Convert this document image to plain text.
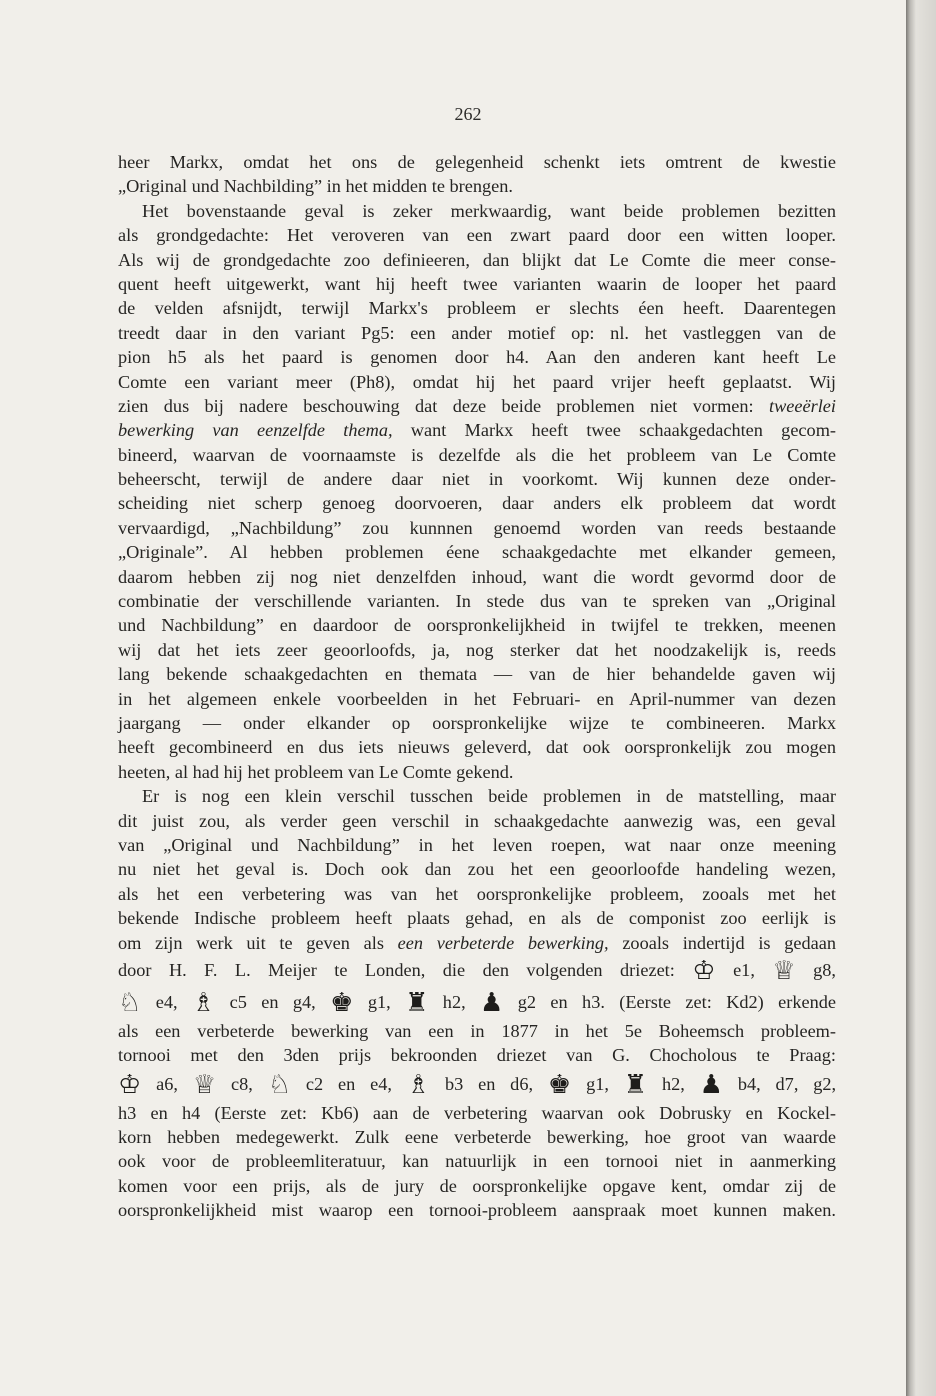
262
heer Markx, omdat het ons de gelegenheid schenkt iets omtrent de kwestie
„Original und Nachbilding” in het midden te brengen.
Het bovenstaande geval is zeker merkwaardig, want beide problemen bezitten
als grondgedachte: Het veroveren van een zwart paard door een witten looper.
Als wij de grondgedachte zoo definieeren, dan blijkt dat Le Comte die meer conse-
quent heeft uitgewerkt, want hij heeft twee varianten waarin de looper het paard
de velden afsnijdt, terwijl Markx's probleem er slechts éen heeft. Daarentegen
treedt daar in den variant Pg5: een ander motief op: nl. het vastleggen van de
pion h5 als het paard is genomen door h4. Aan den anderen kant heeft Le
Comte een variant meer (Ph8), omdat hij het paard vrijer heeft geplaatst. Wij
zien dus bij nadere beschouwing dat deze beide problemen niet vormen: tweeërlei
bewerking van eenzelfde thema, want Markx heeft twee schaakgedachten gecom-
bineerd, waarvan de voornaamste is dezelfde als die het probleem van Le Comte
beheerscht, terwijl de andere daar niet in voorkomt. Wij kunnen deze onder-
scheiding niet scherp genoeg doorvoeren, daar anders elk probleem dat wordt
vervaardigd, „Nachbildung” zou kunnnen genoemd worden van reeds bestaande
„Originale”. Al hebben problemen éene schaakgedachte met elkander gemeen,
daarom hebben zij nog niet denzelfden inhoud, want die wordt gevormd door de
combinatie der verschillende varianten. In stede dus van te spreken van „Original
und Nachbildung” en daardoor de oorspronkelijkheid in twijfel te trekken, meenen
wij dat het iets zeer geoorloofds, ja, nog sterker dat het noodzakelijk is, reeds
lang bekende schaakgedachten en themata — van de hier behandelde gaven wij
in het algemeen enkele voorbeelden in het Februari- en April-nummer van dezen
jaargang — onder elkander op oorspronkelijke wijze te combineeren. Markx
heeft gecombineerd en dus iets nieuws geleverd, dat ook oorspronkelijk zou mogen
heeten, al had hij het probleem van Le Comte gekend.
Er is nog een klein verschil tusschen beide problemen in de matstelling, maar
dit juist zou, als verder geen verschil in schaakgedachte aanwezig was, een geval
van „Original und Nachbildung” in het leven roepen, wat naar onze meening
nu niet het geval is. Doch ook dan zou het een geoorloofde handeling wezen,
als het een verbetering was van het oorspronkelijke probleem, zooals met het
bekende Indische probleem heeft plaats gehad, en als de componist zoo eerlijk is
om zijn werk uit te geven als een verbeterde bewerking, zooals indertijd is gedaan
door H. F. L. Meijer te Londen, die den volgenden driezet: ♔ e1, ♕ g8,
♘ e4, ♗ c5 en g4, ♚ g1, ♜ h2, ♟ g2 en h3. (Eerste zet: Kd2) erkende
als een verbeterde bewerking van een in 1877 in het 5e Boheemsch probleem-
tornooi met den 3den prijs bekroonden driezet van G. Chocholous te Praag:
♔ a6, ♕ c8, ♘ c2 en e4, ♗ b3 en d6, ♚ g1, ♜ h2, ♟ b4, d7, g2,
h3 en h4 (Eerste zet: Kb6) aan de verbetering waarvan ook Dobrusky en Kockel-
korn hebben medegewerkt. Zulk eene verbeterde bewerking, hoe groot van waarde
ook voor de probleemliteratuur, kan natuurlijk in een tornooi niet in aanmerking
komen voor een prijs, als de jury de oorspronkelijke opgave kent, omdar zij de
oorspronkelijkheid mist waarop een tornooi-probleem aanspraak moet kunnen maken.
